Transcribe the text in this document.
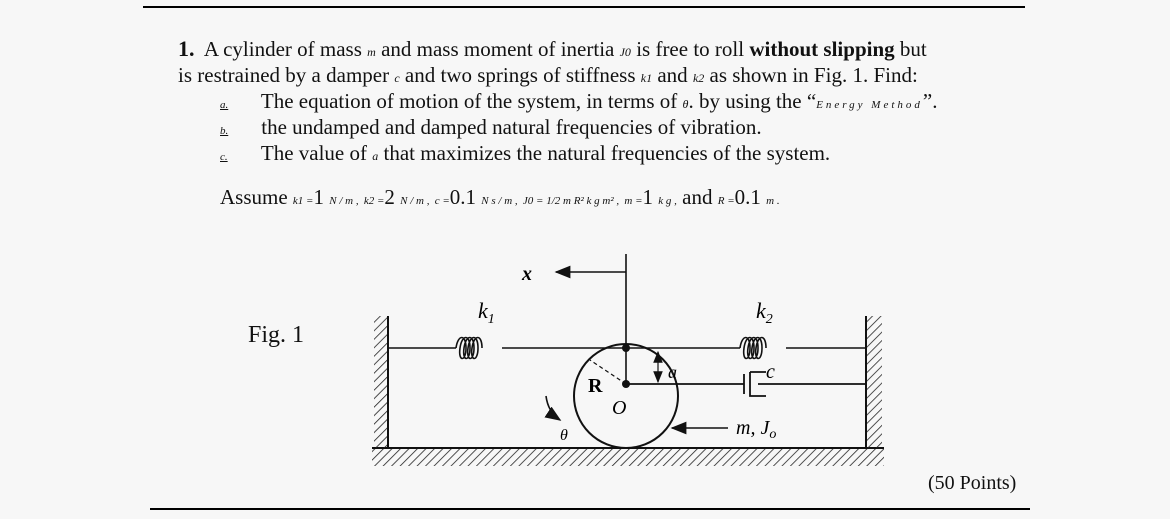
1. A cylinder of mass m and mass moment of inertia J0 is free to roll without slipping but
is restrained by a damper c and two springs of stiffness k1 and k2 as shown in Fig. 1. Find:
a. The equation of motion of the system, in terms of θ. by using the “Energy Method”.
b. the undamped and damped natural frequencies of vibration.
c. The value of a that maximizes the natural frequencies of the system.
Assume k1 =1 N / m , k2 =2 N / m , c =0.1 N s / m , J0 = 1/2 m R² k g m² , m =1 k g , and R =0.1 m .
Fig. 1
x
a	c
R
O
θ
$k_1$	$k_2$
m, $J_o$
(50 Points)
